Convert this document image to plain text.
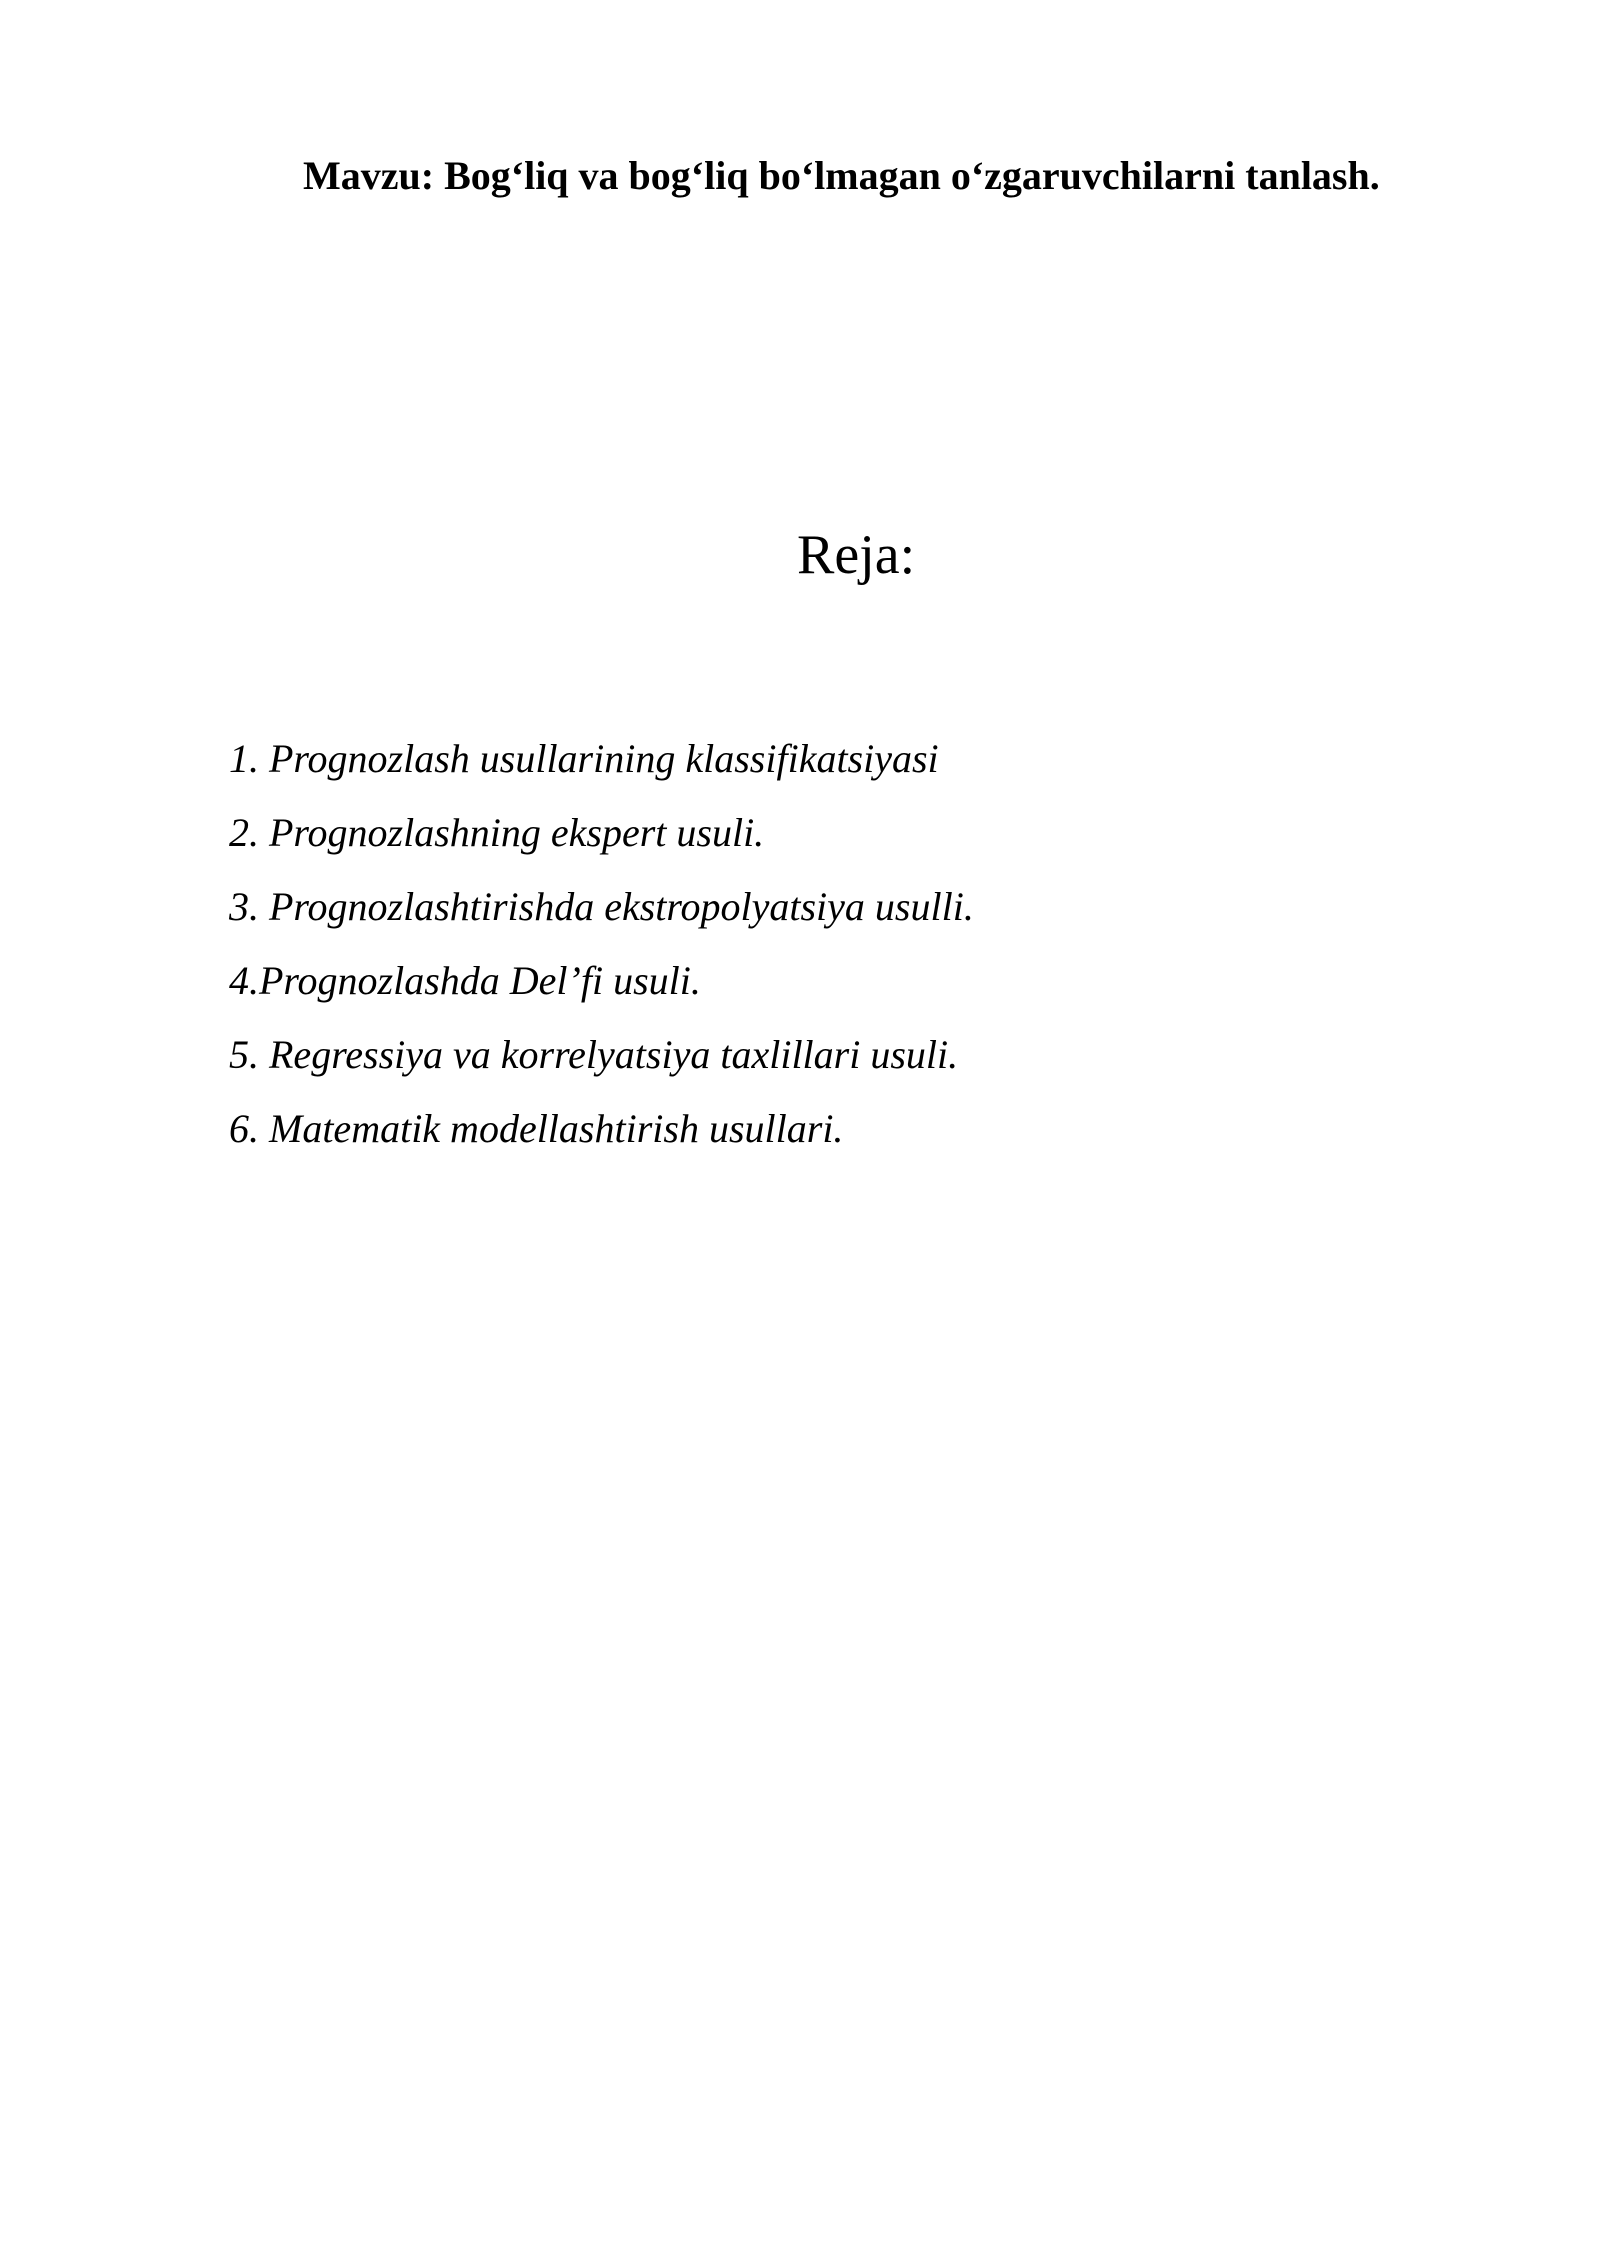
Mavzu: Bog‘liq va bog‘liq bo‘lmagan o‘zgaruvchilarni tanlash.
Reja:
1. Prognozlash usullarining klassifikatsiyasi
2. Prognozlashning ekspert usuli.
3. Prognozlashtirishda ekstropolyatsiya usulli.
4.Prognozlashda Del’fi usuli.
5. Regressiya va korrelyatsiya taxlillari usuli.
6. Matematik modellashtirish usullari.
